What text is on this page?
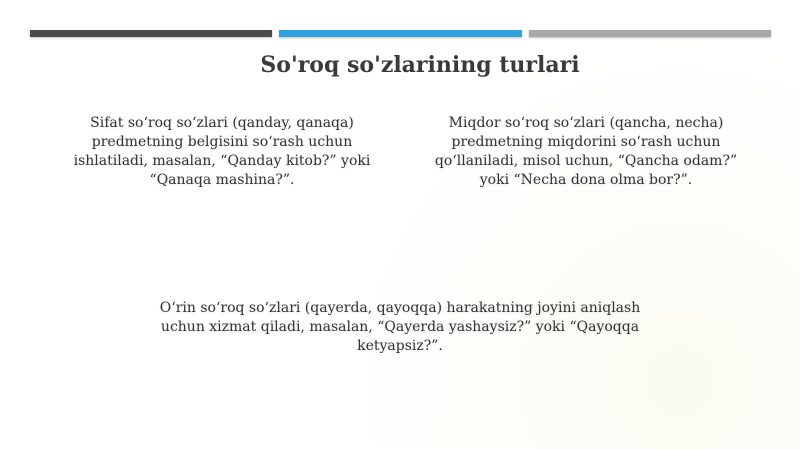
So'roq so'zlarining turlari

Sifat so‘roq so‘zlari (qanday, qanaqa) predmetning belgisini so‘rash uchun ishlatiladi, masalan, “Qanday kitob?” yoki “Qanaqa mashina?”.

Miqdor so‘roq so‘zlari (qancha, necha) predmetning miqdorini so‘rash uchun qo‘llaniladi, misol uchun, “Qancha odam?” yoki “Necha dona olma bor?”.

O‘rin so‘roq so‘zlari (qayerda, qayoqqa) harakatning joyini aniqlash uchun xizmat qiladi, masalan, “Qayerda yashaysiz?” yoki “Qayoqqa ketyapsiz?”.
